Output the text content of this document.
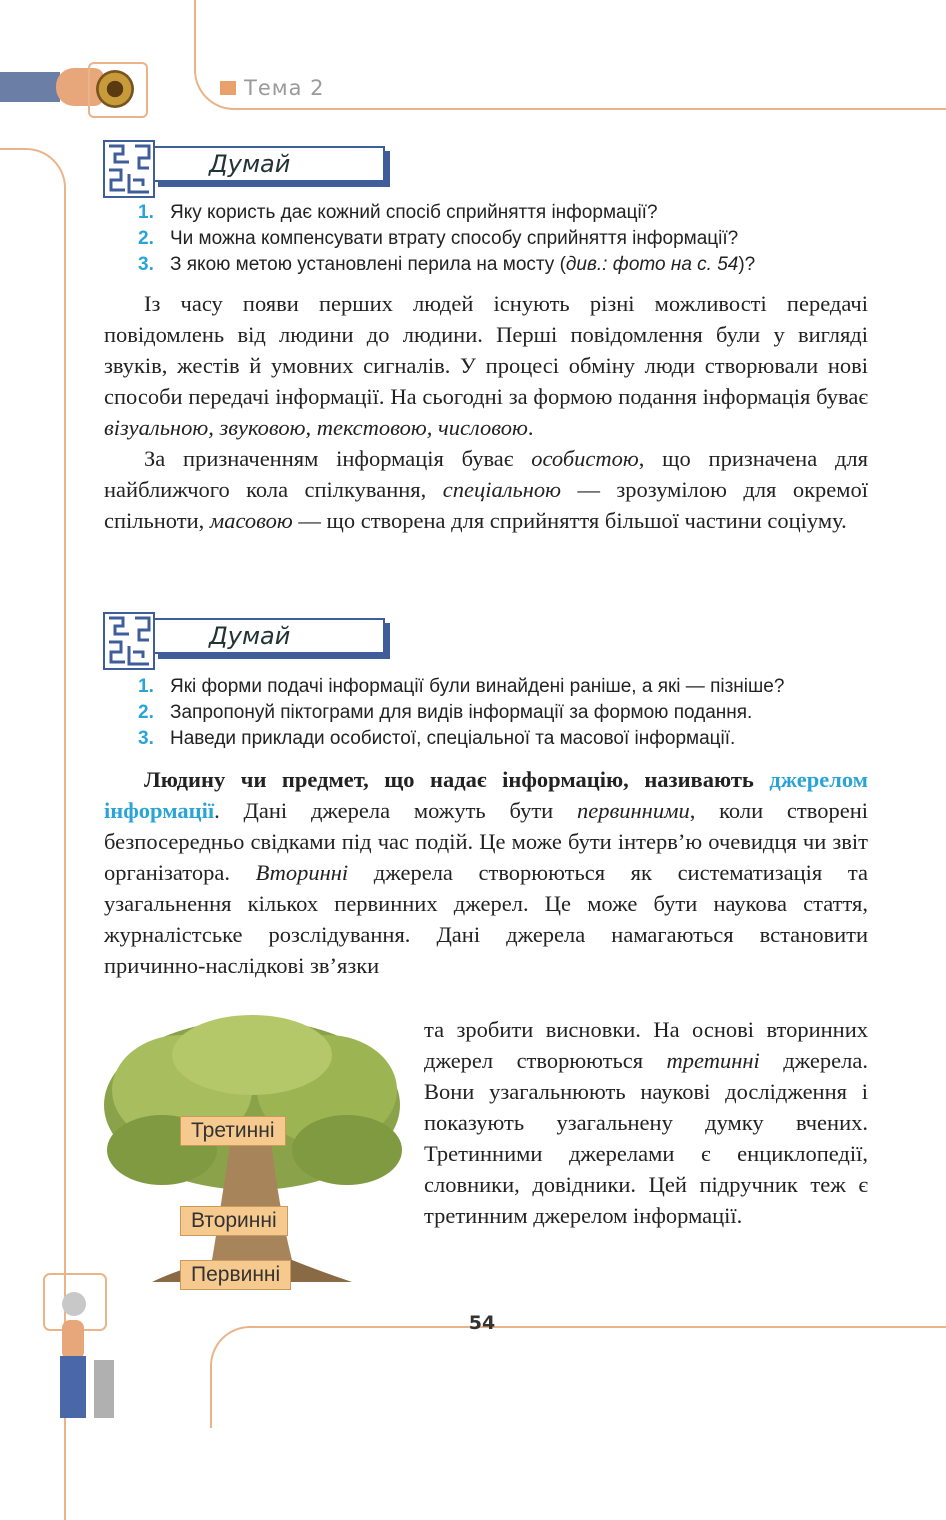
Тема 2
Думай
1. Яку користь дає кожний спосіб сприйняття інформації?
2. Чи можна компенсувати втрату способу сприйняття інформації?
3. З якою метою установлені перила на мосту (див.: фото на с. 54)?

Із часу появи перших людей існують різні можливості передачі повідомлень від людини до людини. Перші повідомлення були у вигляді звуків, жестів й умовних сигналів. У процесі обміну люди створювали нові способи передачі інформації. На сьогодні за формою подання інформація буває візуальною, звуковою, текстовою, числовою.

За призначенням інформація буває особистою, що призначена для найближчого кола спілкування, спеціальною — зрозумілою для окремої спільноти, масовою — що створена для сприйняття більшої частини соціуму.

Думай
1. Які форми подачі інформації були винайдені раніше, а які — пізніше?
2. Запропонуй піктограми для видів інформації за формою подання.
3. Наведи приклади особистої, спеціальної та масової інформації.

Людину чи предмет, що надає інформацію, називають джерелом інформації. Дані джерела можуть бути первинними, коли створені безпосередньо свідками під час подій. Це може бути інтерв’ю очевидця чи звіт організатора. Вторинні джерела створюються як систематизація та узагальнення кількох первинних джерел. Це може бути наукова стаття, журналістське розслідування. Дані джерела намагаються встановити причинно-наслідкові зв’язки

та зробити висновки. На основі вторинних джерел створюються третинні джерела. Вони узагальнюють наукові дослідження і показують узагальнену думку вчених. Третинними джерелами є енциклопедії, словники, довідники. Цей підручник теж є третинним джерелом інформації.
Третинні
Вторинні
Первинні
54
